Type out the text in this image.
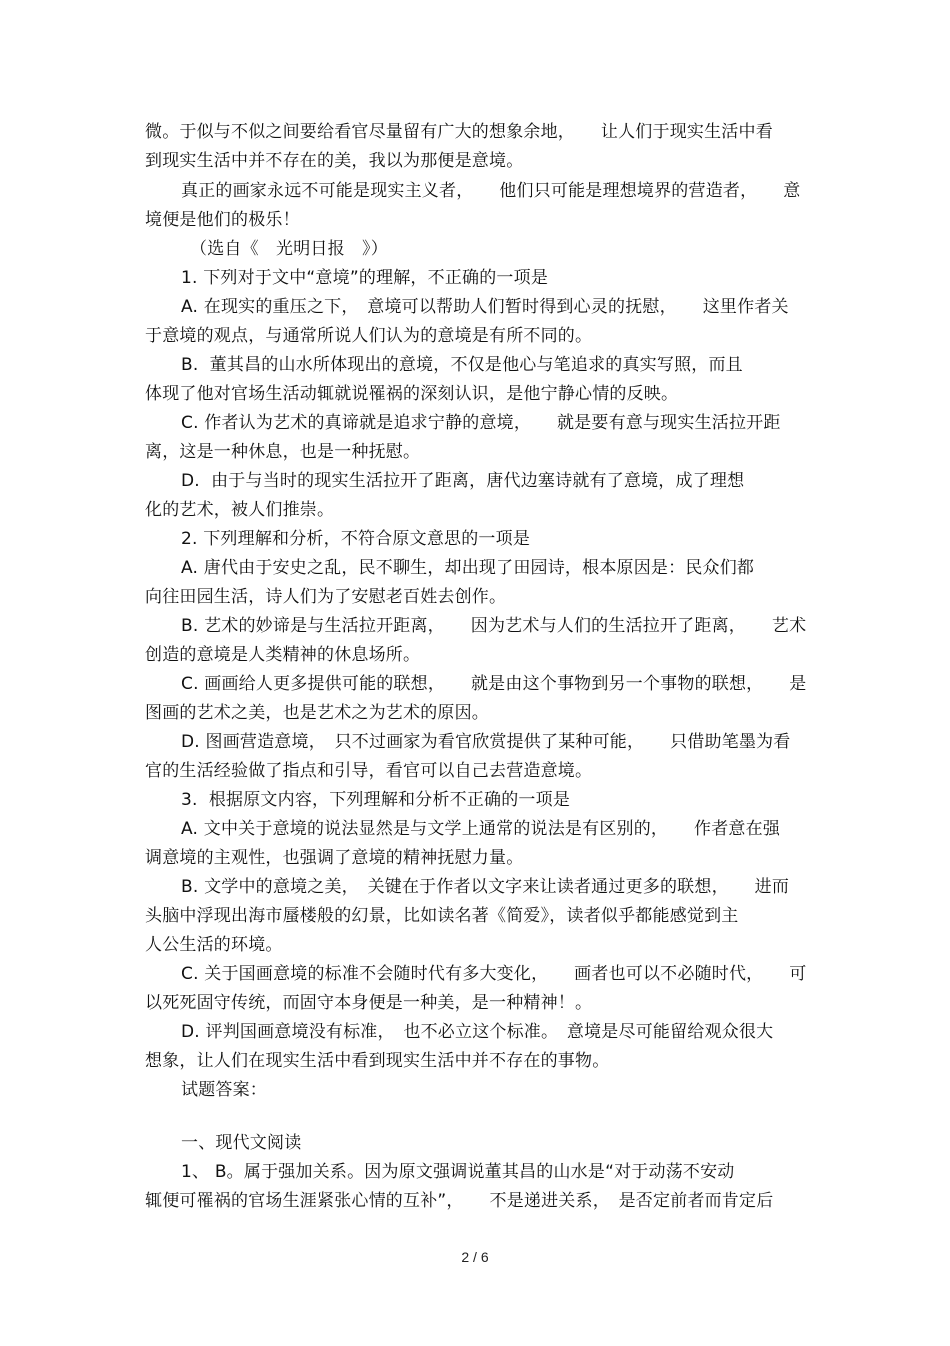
微。于似与不似之间要给看官尽量留有广大的想象余地，　　让人们于现实生活中看
到现实生活中并不存在的美，我以为那便是意境。
真正的画家永远不可能是现实主义者，　　他们只可能是理想境界的营造者，　　意
境便是他们的极乐！
（选自《　光明日报　》）
1. 下列对于文中“意境”的理解，不正确的一项是
A. 在现实的重压之下，　意境可以帮助人们暂时得到心灵的抚慰，　　这里作者关
于意境的观点，与通常所说人们认为的意境是有所不同的。
B.  董其昌的山水所体现出的意境，不仅是他心与笔追求的真实写照，而且
体现了他对官场生活动辄就说罹祸的深刻认识，是他宁静心情的反映。
C. 作者认为艺术的真谛就是追求宁静的意境，　　就是要有意与现实生活拉开距
离，这是一种休息，也是一种抚慰。
D.  由于与当时的现实生活拉开了距离，唐代边塞诗就有了意境，成了理想
化的艺术，被人们推崇。
2. 下列理解和分析，不符合原文意思的一项是
A. 唐代由于安史之乱，民不聊生，却出现了田园诗，根本原因是：民众们都
向往田园生活，诗人们为了安慰老百姓去创作。
B. 艺术的妙谛是与生活拉开距离，　　因为艺术与人们的生活拉开了距离，　　艺术
创造的意境是人类精神的休息场所。
C. 画画给人更多提供可能的联想，　　就是由这个事物到另一个事物的联想，　　是
图画的艺术之美，也是艺术之为艺术的原因。
D. 图画营造意境，　只不过画家为看官欣赏提供了某种可能，　　只借助笔墨为看
官的生活经验做了指点和引导，看官可以自己去营造意境。
3.  根据原文内容，下列理解和分析不正确的一项是
A. 文中关于意境的说法显然是与文学上通常的说法是有区别的，　　作者意在强
调意境的主观性，也强调了意境的精神抚慰力量。
B. 文学中的意境之美，　关键在于作者以文字来让读者通过更多的联想，　　进而
头脑中浮现出海市蜃楼般的幻景，比如读名著《简爱》，读者似乎都能感觉到主
人公生活的环境。
C. 关于国画意境的标准不会随时代有多大变化，　　画者也可以不必随时代，　　可
以死死固守传统，而固守本身便是一种美，是一种精神！。
D. 评判国画意境没有标准，　也不必立这个标准。　意境是尽可能留给观众很大
想象，让人们在现实生活中看到现实生活中并不存在的事物。
试题答案：
一、现代文阅读
1、 B。属于强加关系。因为原文强调说董其昌的山水是“对于动荡不安动
辄便可罹祸的官场生涯紧张心情的互补”，　　不是递进关系，　是否定前者而肯定后
2 / 6
